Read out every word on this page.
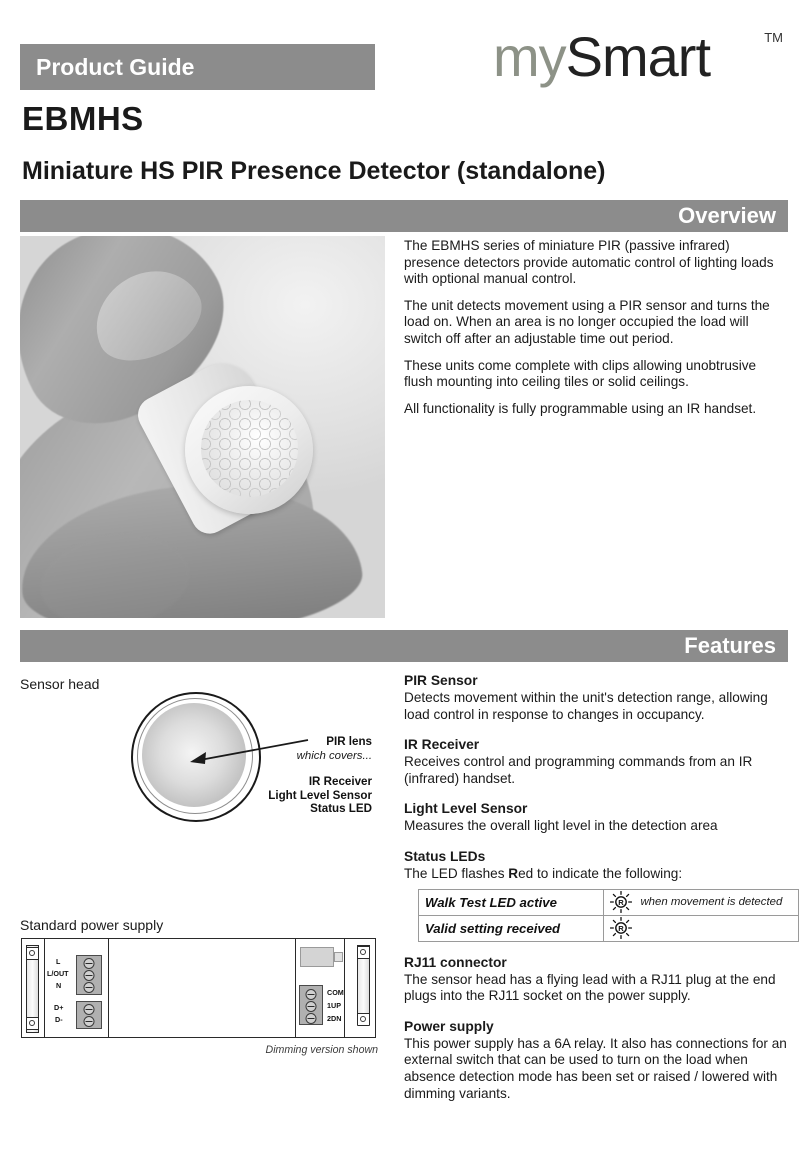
Product Guide	mySmart	TM
EBMHS
Miniature HS PIR Presence Detector (standalone)
Overview

The EBMHS series of miniature PIR (passive infrared) presence detectors provide automatic control of lighting loads with optional manual control.

The unit detects movement using a PIR sensor and turns the load on. When an area is no longer occupied the load will switch off after an adjustable time out period.

These units come complete with clips allowing unobtrusive flush mounting into ceiling tiles or solid ceilings.

All functionality is fully programmable using an IR handset.

Features
Sensor head
PIR lens
which covers...
IR Receiver
Light Level Sensor
Status LED
Standard power supply
L
L/OUT
N
D+
D-
COM
1UP
2DN
Dimming version shown
PIR Sensor

Detects movement within the unit's detection range, allowing load control in response to changes in occupancy.

IR Receiver

Receives control and programming commands from an IR (infrared) handset.

Light Level Sensor

Measures the overall light level in the detection area

Status LEDs

The LED flashes Red to indicate the following:

Walk Test LED active	R when movement is detected
Valid setting received	R

RJ11 connector

The sensor head has a flying lead with a RJ11 plug at the end plugs into the RJ11 socket on the power supply.

Power supply

This power supply has a 6A relay. It also has connections for an external switch that can be used to turn on the load when absence detection mode has been set or raised / lowered with dimming variants.
